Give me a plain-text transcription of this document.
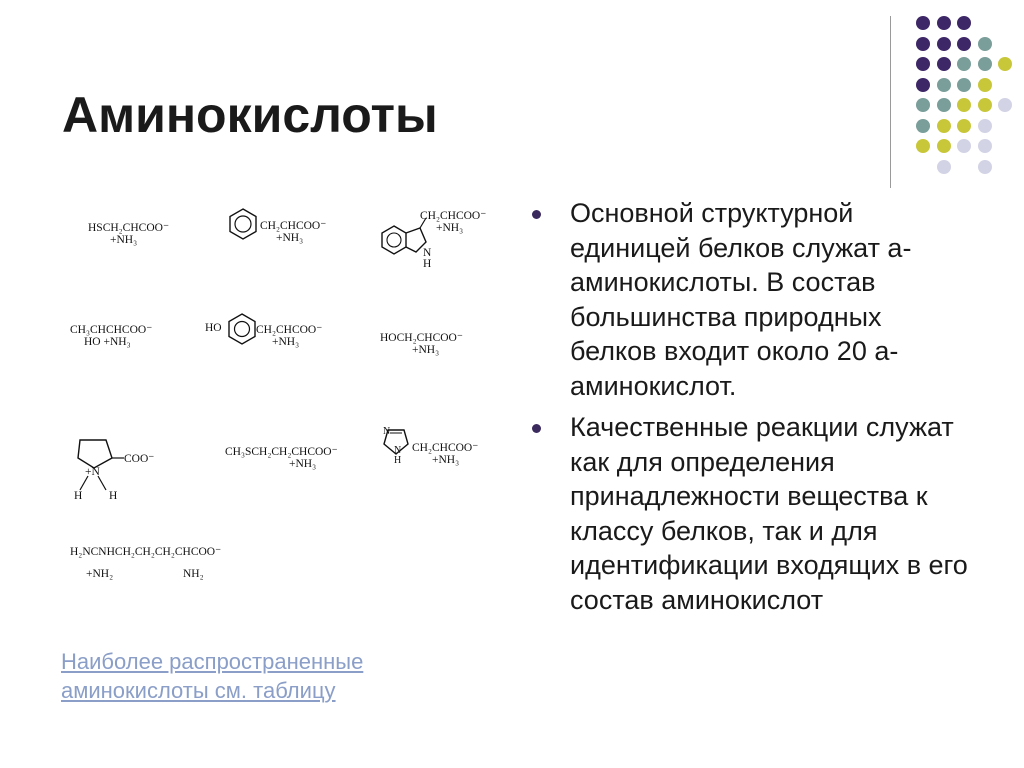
Аминокислоты
HSCH₂CHCOO⁻
+NH₃
CH₂CHCOO⁻
+NH₃
CH₂CHCOO⁻
+NH₃
N
H
CH₃CHCHCOO⁻
HO +NH₃
HO	CH₂CHCOO⁻
+NH₃	HOCH₂CHCOO⁻
+NH₃
COO⁻
+N
H H
CH₃SCH₂CH₂CHCOO⁻
+NH₃
N
N
H
CH₂CHCOO⁻
+NH₃
H₂NCNHCH₂CH₂CH₂CHCOO⁻
+NH₂	NH₂
Основной структурной единицей белков служат а-аминокислоты. В состав большинства природных белков входит около 20 а-аминокислот.
Качественные реакции служат как для определения принадлежности вещества к классу белков, так и для идентификации входящих в его состав аминокислот
Наиболее распространенные аминокислоты см. таблицу
